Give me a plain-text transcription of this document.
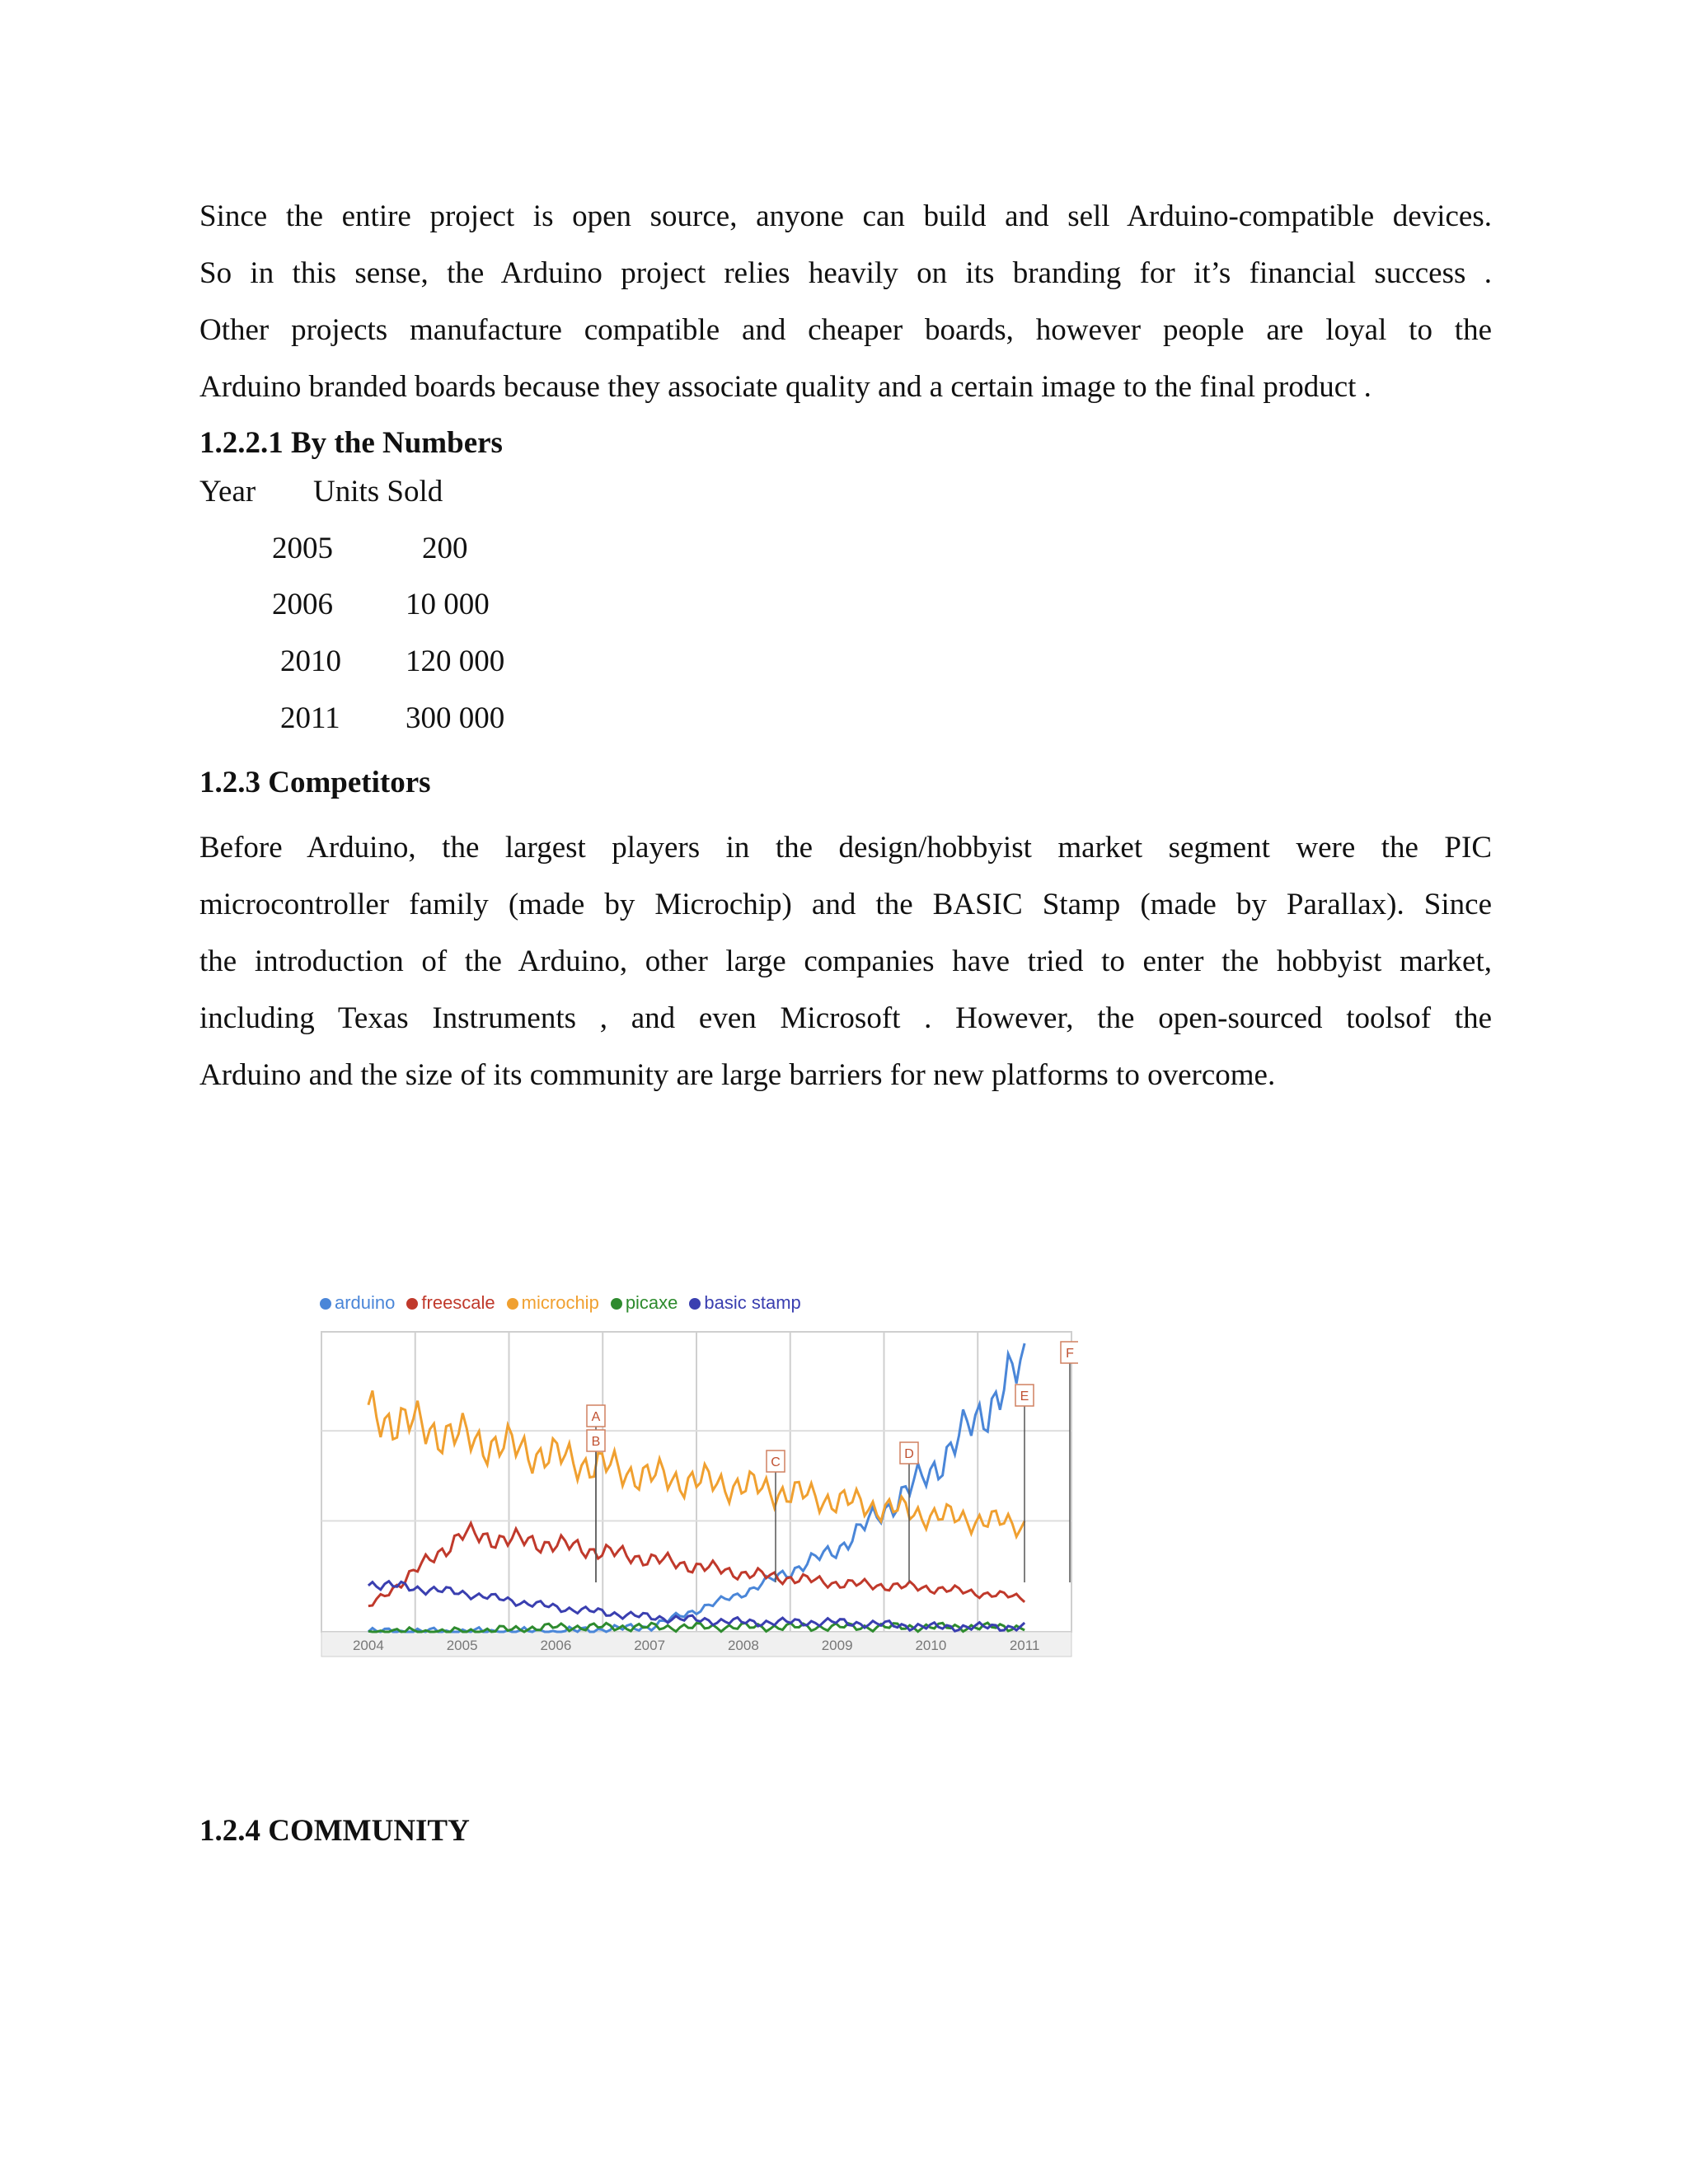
Since the entire project is open source, anyone can build and sell Arduino-compatible devices.

So in this sense, the Arduino project relies heavily on its branding for it’s financial success .

Other projects manufacture compatible and cheaper boards, however people are loyal to the

Arduino branded boards because they associate quality and a certain image to the final product .

1.2.2.1 By the Numbers
Year Units Sold
2005	200
2006 10 000
2010 120 000
2011 300 000
1.2.3 Competitors

Before Arduino, the largest players in the design/hobbyist market segment were the PIC

microcontroller family (made by Microchip) and the BASIC Stamp (made by Parallax). Since

the introduction of the Arduino, other large companies have tried to enter the hobbyist market,

including Texas Instruments , and even Microsoft . However, the open-sourced toolsof the

Arduino and the size of its community are large barriers for new platforms to overcome.

arduino freescale microchip picaxe basic stamp
2004	2005	2006	2007	2008	2009	2010	2011
A
B
C
D
E
F
1.2.4 COMMUNITY
